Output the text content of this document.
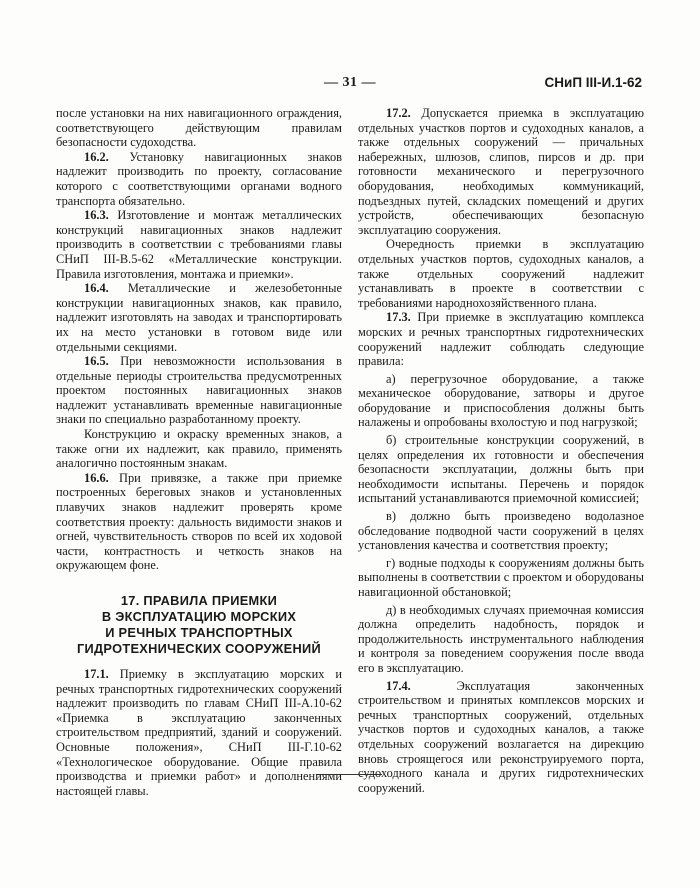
— 31 —	СНиП III-И.1-62

после установки на них навигационного ограждения, соответствующего действующим правилам безопасности судоходства.

16.2. Установку навигационных знаков надлежит производить по проекту, согласование которого с соответствующими органами водного транспорта обязательно.

16.3. Изготовление и монтаж металлических конструкций навигационных знаков надлежит производить в соответствии с требованиями главы СНиП III-В.5-62 «Металлические конструкции. Правила изготовления, монтажа и приемки».

16.4. Металлические и железобетонные конструкции навигационных знаков, как правило, надлежит изготовлять на заводах и транспортировать их на место установки в готовом виде или отдельными секциями.

16.5. При невозможности использования в отдельные периоды строительства предусмотренных проектом постоянных навигационных знаков надлежит устанавливать временные навигационные знаки по специально разработанному проекту.

Конструкцию и окраску временных знаков, а также огни их надлежит, как правило, применять аналогично постоянным знакам.

16.6. При привязке, а также при приемке построенных береговых знаков и установленных плавучих знаков надлежит проверять кроме соответствия проекту: дальность видимости знаков и огней, чувствительность створов по всей их ходовой части, контрастность и четкость знаков на окружающем фоне.

17. ПРАВИЛА ПРИЕМКИ
В ЭКСПЛУАТАЦИЮ МОРСКИХ
И РЕЧНЫХ ТРАНСПОРТНЫХ
ГИДРОТЕХНИЧЕСКИХ СООРУЖЕНИЙ

17.1. Приемку в эксплуатацию морских и речных транспортных гидротехнических сооружений надлежит производить по главам СНиП III-А.10-62 «Приемка в эксплуатацию законченных строительством предприятий, зданий и сооружений. Основные положения», СНиП III-Г.10-62 «Технологическое оборудование. Общие правила производства и приемки работ» и дополнениями настоящей главы.

17.2. Допускается приемка в эксплуатацию отдельных участков портов и судоходных каналов, а также отдельных сооружений — причальных набережных, шлюзов, слипов, пирсов и др. при готовности механического и перегрузочного оборудования, необходимых коммуникаций, подъездных путей, складских помещений и других устройств, обеспечивающих безопасную эксплуатацию сооружения.

Очередность приемки в эксплуатацию отдельных участков портов, судоходных каналов, а также отдельных сооружений надлежит устанавливать в проекте в соответствии с требованиями народнохозяйственного плана.

17.3. При приемке в эксплуатацию комплекса морских и речных транспортных гидротехнических сооружений надлежит соблюдать следующие правила:

а) перегрузочное оборудование, а также механическое оборудование, затворы и другое оборудование и приспособления должны быть налажены и опробованы вхолостую и под нагрузкой;

б) строительные конструкции сооружений, в целях определения их готовности и обеспечения безопасности эксплуатации, должны быть при необходимости испытаны. Перечень и порядок испытаний устанавливаются приемочной комиссией;

в) должно быть произведено водолазное обследование подводной части сооружений в целях установления качества и соответствия проекту;

г) водные подходы к сооружениям должны быть выполнены в соответствии с проектом и оборудованы навигационной обстановкой;

д) в необходимых случаях приемочная комиссия должна определить надобность, порядок и продолжительность инструментального наблюдения и контроля за поведением сооружения после ввода его в эксплуатацию.

17.4. Эксплуатация законченных строительством и принятых комплексов морских и речных транспортных сооружений, отдельных участков портов и судоходных каналов, а также отдельных сооружений возлагается на дирекцию вновь строящегося или реконструируемого порта, судоходного канала и других гидротехнических сооружений.
